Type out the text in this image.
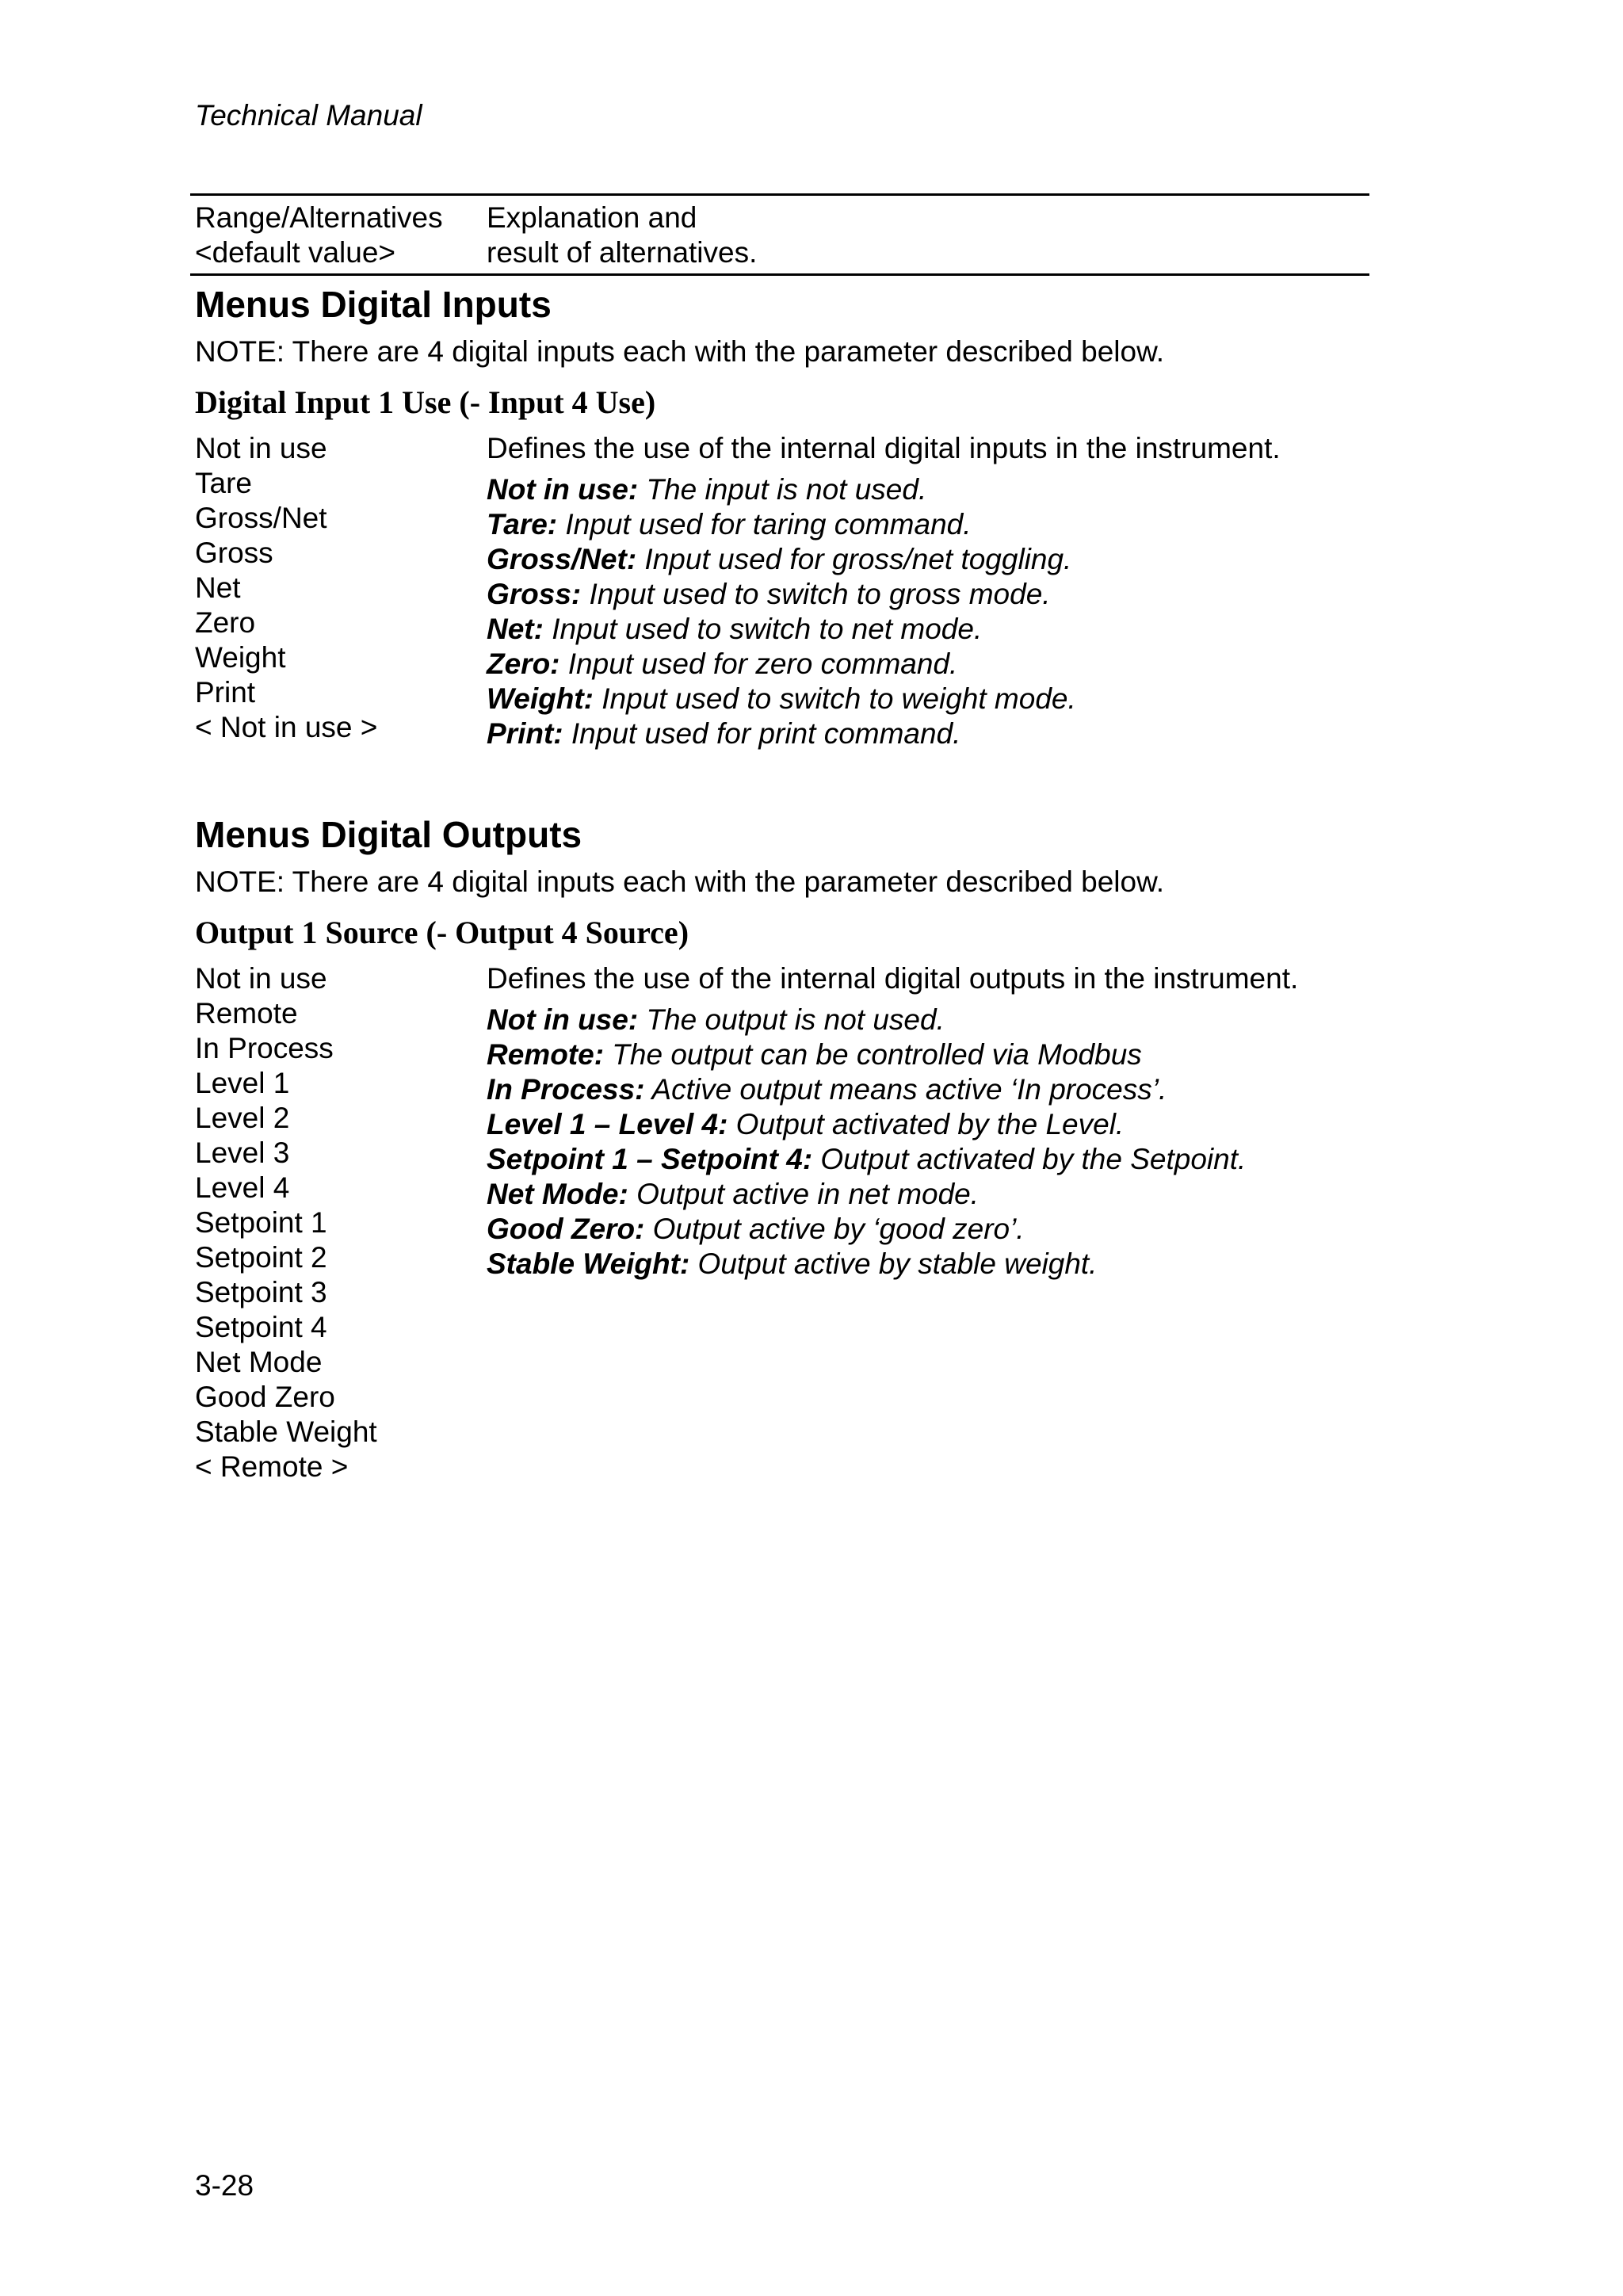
Technical Manual
Range/Alternatives
<default value>
Explanation and
result of alternatives.
Menus Digital Inputs
NOTE: There are 4 digital inputs each with the parameter described below.
Digital Input 1 Use (- Input 4 Use)
Not in use
Tare
Gross/Net
Gross
Net
Zero
Weight
Print
< Not in use >
Defines the use of the internal digital inputs in the instrument.
Not in use: The input is not used.
Tare: Input used for taring command.
Gross/Net: Input used for gross/net toggling.
Gross: Input used to switch to gross mode.
Net: Input used to switch to net mode.
Zero: Input used for zero command.
Weight: Input used to switch to weight mode.
Print: Input used for print command.
Menus Digital Outputs
NOTE: There are 4 digital inputs each with the parameter described below.
Output 1 Source (- Output 4 Source)
Not in use
Remote
In Process
Level 1
Level 2
Level 3
Level 4
Setpoint 1
Setpoint 2
Setpoint 3
Setpoint 4
Net Mode
Good Zero
Stable Weight
< Remote >
Defines the use of the internal digital outputs in the instrument.
Not in use: The output is not used.
Remote: The output can be controlled via Modbus
In Process: Active output means active ‘In process’.
Level 1 – Level 4: Output activated by the Level.
Setpoint 1 – Setpoint 4: Output activated by the Setpoint.
Net Mode: Output active in net mode.
Good Zero: Output active by ‘good zero’.
Stable Weight: Output active by stable weight.
3-28
